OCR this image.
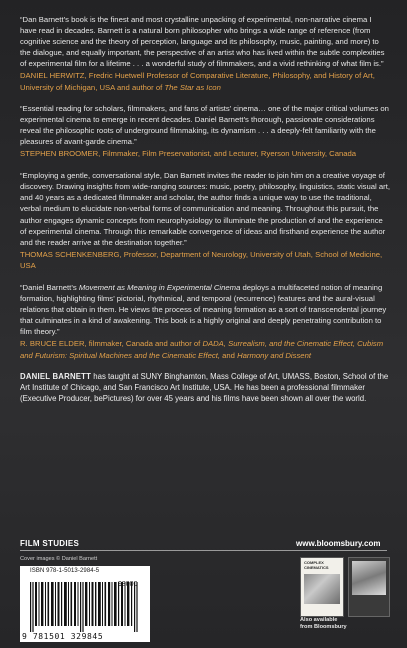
“Dan Barnett’s book is the finest and most crystalline unpacking of experimental, non-narrative cinema I have read in decades. Barnett is a natural born philosopher who brings a wide range of reference (from cognitive science and the theory of perception, language and its philosophy, music, painting, and more) to the dialogue, and equally important, the perspective of an artist who has lived within the subtle complexities of experimental film for a lifetime . . . a wonderful study of filmmakers, and a vivid rethinking of what film is.”

DANIEL HERWITZ, Fredric Huetwell Professor of Comparative Literature, Philosophy, and History of Art, University of Michigan, USA and author of The Star as Icon

“Essential reading for scholars, filmmakers, and fans of artists’ cinema… one of the major critical volumes on experimental cinema to emerge in recent decades. Daniel Barnett’s thorough, passionate considerations reveal the philosophic roots of underground filmmaking, its dynamism . . . a deeply-felt familiarity with the pleasures of avant-garde cinema.”

STEPHEN BROOMER, Filmmaker, Film Preservationist, and Lecturer, Ryerson University, Canada

“Employing a gentle, conversational style, Dan Barnett invites the reader to join him on a creative voyage of discovery. Drawing insights from wide-ranging sources: music, poetry, philosophy, linguistics, static visual art, and 40 years as a dedicated filmmaker and scholar, the author finds a unique way to use the traditional, verbal medium to elucidate non-verbal forms of communication and meaning. Throughout this pursuit, the author engages dynamic concepts from neurophysiology to illuminate the production of and the experience of experimental cinema. Through this remarkable convergence of ideas and firsthand experience the author and the reader arrive at the destination together.”

THOMAS SCHENKENBERG, Professor, Department of Neurology, University of Utah, School of Medicine, USA

“Daniel Barnett’s Movement as Meaning in Experimental Cinema deploys a multifaceted notion of meaning formation, highlighting films’ pictorial, rhythmical, and temporal (recurrence) features and the aural-visual relations that obtain in them. He views the process of meaning formation as a sort of transcendental journey that culminates in a kind of awakening. This book is a highly original and deeply penetrating contribution to film theory.”

R. BRUCE ELDER, filmmaker, Canada and author of DADA, Surrealism, and the Cinematic Effect, Cubism and Futurism: Spiritual Machines and the Cinematic Effect, and Harmony and Dissent

DANIEL BARNETT has taught at SUNY Binghamton, Mass College of Art, UMASS, Boston, School of the Art Institute of Chicago, and San Francisco Art Institute, USA. He has been a professional filmmaker (Executive Producer, bePictures) for over 45 years and his films have been shown all over the world.

FILM STUDIES	www.bloomsbury.com
Cover images © Daniel Barnett
ISBN 978-1-5013-2984-5
9 781501 329845
COMPLEX CINEMATICS
Also available
from Bloomsbury
